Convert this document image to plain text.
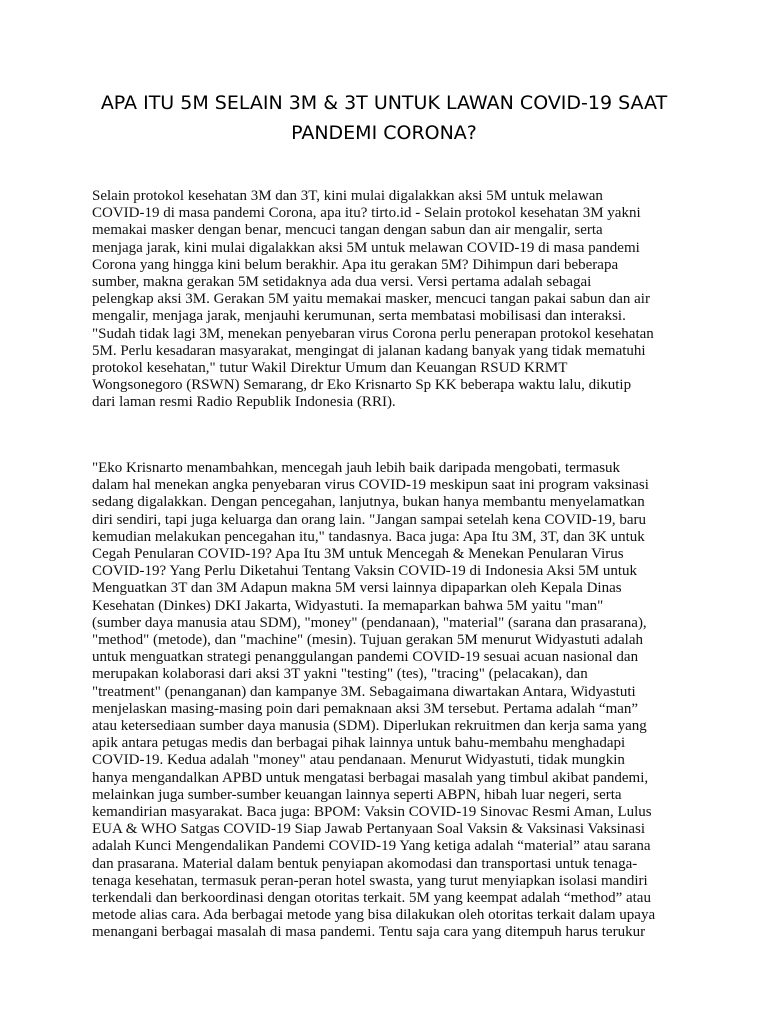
APA ITU 5M SELAIN 3M & 3T UNTUK LAWAN COVID-19 SAAT
PANDEMI CORONA?
Selain protokol kesehatan 3M dan 3T, kini mulai digalakkan aksi 5M untuk melawan
COVID-19 di masa pandemi Corona, apa itu? tirto.id - Selain protokol kesehatan 3M yakni
memakai masker dengan benar, mencuci tangan dengan sabun dan air mengalir, serta
menjaga jarak, kini mulai digalakkan aksi 5M untuk melawan COVID-19 di masa pandemi
Corona yang hingga kini belum berakhir. Apa itu gerakan 5M? Dihimpun dari beberapa
sumber, makna gerakan 5M setidaknya ada dua versi. Versi pertama adalah sebagai
pelengkap aksi 3M. Gerakan 5M yaitu memakai masker, mencuci tangan pakai sabun dan air
mengalir, menjaga jarak, menjauhi kerumunan, serta membatasi mobilisasi dan interaksi.
"Sudah tidak lagi 3M, menekan penyebaran virus Corona perlu penerapan protokol kesehatan
5M. Perlu kesadaran masyarakat, mengingat di jalanan kadang banyak yang tidak mematuhi
protokol kesehatan," tutur Wakil Direktur Umum dan Keuangan RSUD KRMT
Wongsonegoro (RSWN) Semarang, dr Eko Krisnarto Sp KK beberapa waktu lalu, dikutip
dari laman resmi Radio Republik Indonesia (RRI).
"Eko Krisnarto menambahkan, mencegah jauh lebih baik daripada mengobati, termasuk
dalam hal menekan angka penyebaran virus COVID-19 meskipun saat ini program vaksinasi
sedang digalakkan. Dengan pencegahan, lanjutnya, bukan hanya membantu menyelamatkan
diri sendiri, tapi juga keluarga dan orang lain. "Jangan sampai setelah kena COVID-19, baru
kemudian melakukan pencegahan itu," tandasnya. Baca juga: Apa Itu 3M, 3T, dan 3K untuk
Cegah Penularan COVID-19? Apa Itu 3M untuk Mencegah & Menekan Penularan Virus
COVID-19? Yang Perlu Diketahui Tentang Vaksin COVID-19 di Indonesia Aksi 5M untuk
Menguatkan 3T dan 3M Adapun makna 5M versi lainnya dipaparkan oleh Kepala Dinas
Kesehatan (Dinkes) DKI Jakarta, Widyastuti. Ia memaparkan bahwa 5M yaitu "man"
(sumber daya manusia atau SDM), "money" (pendanaan), "material" (sarana dan prasarana),
"method" (metode), dan "machine" (mesin). Tujuan gerakan 5M menurut Widyastuti adalah
untuk menguatkan strategi penanggulangan pandemi COVID-19 sesuai acuan nasional dan
merupakan kolaborasi dari aksi 3T yakni "testing" (tes), "tracing" (pelacakan), dan
"treatment" (penanganan) dan kampanye 3M. Sebagaimana diwartakan Antara, Widyastuti
menjelaskan masing-masing poin dari pemaknaan aksi 3M tersebut. Pertama adalah “man”
atau ketersediaan sumber daya manusia (SDM). Diperlukan rekruitmen dan kerja sama yang
apik antara petugas medis dan berbagai pihak lainnya untuk bahu-membahu menghadapi
COVID-19. Kedua adalah "money" atau pendanaan. Menurut Widyastuti, tidak mungkin
hanya mengandalkan APBD untuk mengatasi berbagai masalah yang timbul akibat pandemi,
melainkan juga sumber-sumber keuangan lainnya seperti ABPN, hibah luar negeri, serta
kemandirian masyarakat. Baca juga: BPOM: Vaksin COVID-19 Sinovac Resmi Aman, Lulus
EUA & WHO Satgas COVID-19 Siap Jawab Pertanyaan Soal Vaksin & Vaksinasi Vaksinasi
adalah Kunci Mengendalikan Pandemi COVID-19 Yang ketiga adalah “material” atau sarana
dan prasarana. Material dalam bentuk penyiapan akomodasi dan transportasi untuk tenaga-
tenaga kesehatan, termasuk peran-peran hotel swasta, yang turut menyiapkan isolasi mandiri
terkendali dan berkoordinasi dengan otoritas terkait. 5M yang keempat adalah “method” atau
metode alias cara. Ada berbagai metode yang bisa dilakukan oleh otoritas terkait dalam upaya
menangani berbagai masalah di masa pandemi. Tentu saja cara yang ditempuh harus terukur
